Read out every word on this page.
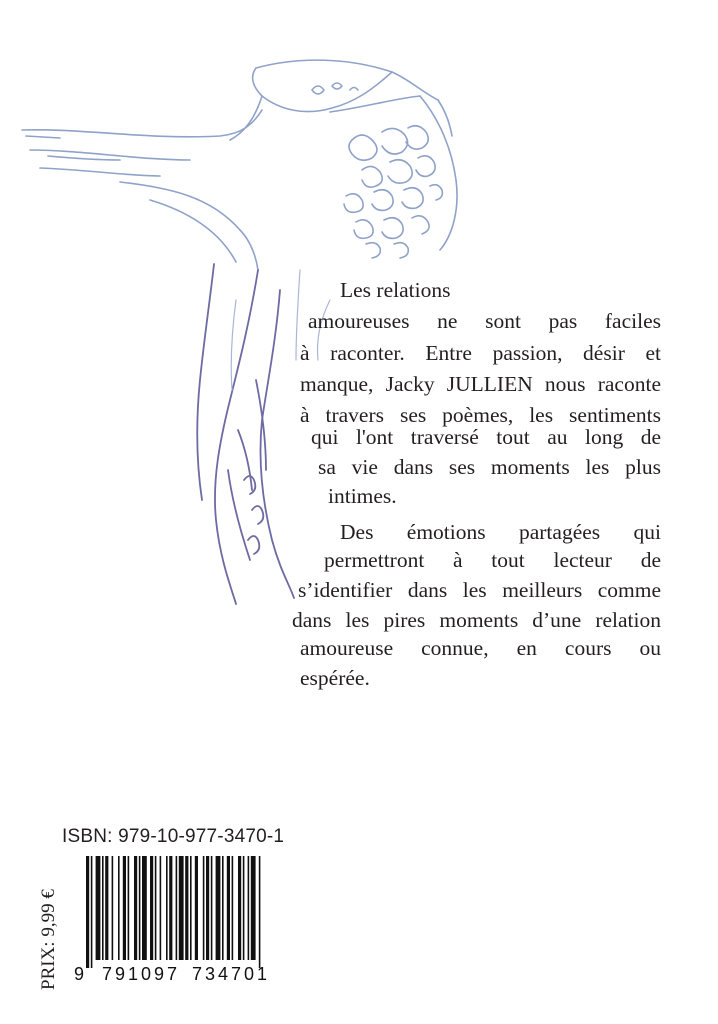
Les relations
amoureuses ne sont pas faciles
à raconter. Entre passion, désir et
manque, Jacky JULLIEN nous raconte
à travers ses poèmes, les sentiments
qui l'ont traversé tout au long de
sa vie dans ses moments les plus
intimes.
Des émotions partagées qui
permettront à tout lecteur de
s’identifier dans les meilleurs comme
dans les pires moments d’une relation
amoureuse connue, en cours ou
espérée.
ISBN: 979-10-977-3470-1
PRIX: 9,99 € 9 791097 734701
